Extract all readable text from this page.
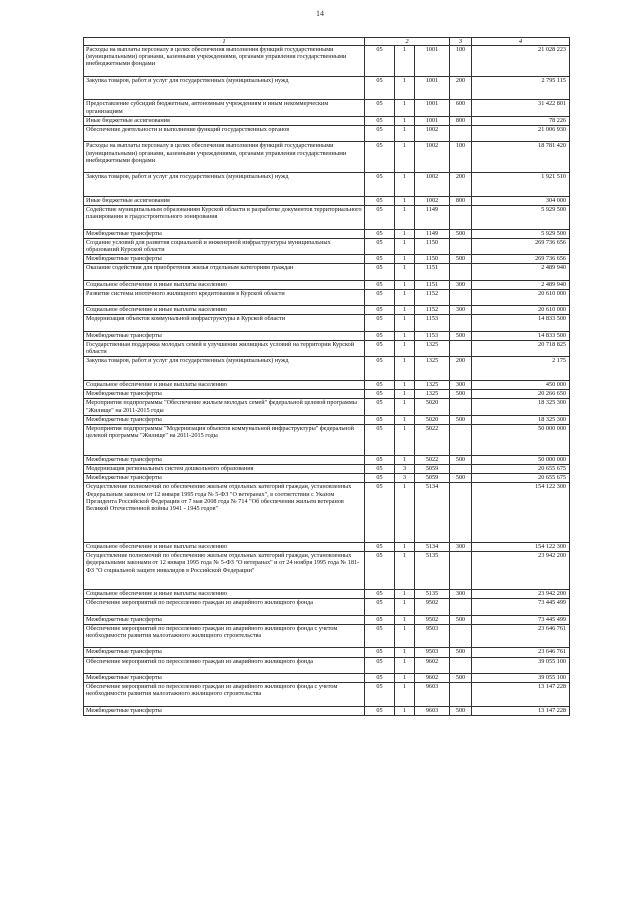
14
1	2			3	4
Расходы на выплаты персоналу в целях обеспечения выполнения функций государственными (муниципальными) органами, казенными учреждениями, органами управления государственными внебюджетными фондами	05	1	1001	100	21 028 223
Закупка товаров, работ и услуг для государственных (муниципальных) нужд	05	1	1001	200	2 795 115
Предоставление субсидий бюджетным, автономным учреждениям и иным некоммерческим организациям	05	1	1001	600	31 422 801
Иные бюджетные ассигнования	05	1	1001	800	78 226
Обеспечение деятельности и выполнение функций государственных органов	05	1	1002		21 006 930
Расходы на выплаты персоналу в целях обеспечения выполнения функций государственными (муниципальными) органами, казенными учреждениями, органами управления государственными внебюджетными фондами	05	1	1002	100	18 781 420
Закупка товаров, работ и услуг для государственных (муниципальных) нужд	05	1	1002	200	1 921 510
Иные бюджетные ассигнования	05	1	1002	800	304 000
Содействие муниципальным образованиям Курской области в разработке документов территориального планирования и градостроительного зонирования	05	1	1149		5 929 500
Межбюджетные трансферты	05	1	1149	500	5 929 500
Создание условий для развития социальной и инженерной инфраструктуры муниципальных образований Курской области	05	1	1150		269 736 656
Межбюджетные трансферты	05	1	1150	500	269 736 656
Оказание содействия для приобретения жилья отдельным категориям граждан	05	1	1151		2 489 940
Социальное обеспечение и иные выплаты населению	05	1	1151	300	2 489 940
Развитие системы ипотечного жилищного кредитования в Курской области	05	1	1152		20 610 000
Социальное обеспечение и иные выплаты населению	05	1	1152	300	20 610 000
Модернизация объектов коммунальной инфраструктуры в Курской области	05	1	1153		14 833 500
Межбюджетные трансферты	05	1	1153	500	14 833 500
Государственная поддержка молодых семей в улучшении жилищных условий на территории Курской области	05	1	1325		20 718 825
Закупка товаров, работ и услуг для государственных (муниципальных) нужд	05	1	1325	200	2 175
Социальное обеспечение и иные выплаты населению	05	1	1325	300	450 000
Межбюджетные трансферты	05	1	1325	500	20 266 650
Мероприятия подпрограммы "Обеспечение жильем молодых семей" федеральной целевой программы "Жилище" на 2011-2015 годы	05	1	5020		18 325 300
Межбюджетные трансферты	05	1	5020	500	18 325 300
Мероприятия подпрограммы "Модернизация объектов коммунальной инфраструктуры" федеральной целевой программы "Жилище" на 2011-2015 годы	05	1	5022		50 000 000
Межбюджетные трансферты	05	1	5022	500	50 000 000
Модернизация региональных систем дошкольного образования	05	3	5059		20 655 675
Межбюджетные трансферты	05	3	5059	500	20 655 675
Осуществление полномочий по обеспечению жильем отдельных категорий граждан, установленных Федеральным законом от 12 января 1995 года № 5-ФЗ "О ветеранах", в соответствии с Указом Президента Российской Федерации от 7 мая 2008 года № 714 "Об обеспечении жильем ветеранов Великой Отечественной войны 1941 - 1945 годов"	05	1	5134		154 122 300
Социальное обеспечение и иные выплаты населению	05	1	5134	300	154 122 300
Осуществление полномочий по обеспечению жильем отдельных категорий граждан, установленных федеральными законами от 12 января 1995 года № 5-ФЗ "О ветеранах" и от 24 ноября 1995 года № 181-ФЗ "О социальной защите инвалидов в Российской Федерации"	05	1	5135		23 942 200
Социальное обеспечение и иные выплаты населению	05	1	5135	300	23 942 200
Обеспечение мероприятий по переселению граждан из аварийного жилищного фонда	05	1	9502		73 445 499
Межбюджетные трансферты	05	1	9502	500	73 445 499
Обеспечение мероприятий по переселению граждан из аварийного жилищного фонда с учетом необходимости развития малоэтажного жилищного строительства	05	1	9503		23 646 761
Межбюджетные трансферты	05	1	9503	500	23 646 761
Обеспечение мероприятий по переселению граждан из аварийного жилищного фонда	05	1	9602		39 055 100
Межбюджетные трансферты	05	1	9602	500	39 055 100
Обеспечение мероприятий по переселению граждан из аварийного жилищного фонда с учетом необходимости развития малоэтажного жилищного строительства	05	1	9603		13 147 228
Межбюджетные трансферты	05	1	9603	500	13 147 228
